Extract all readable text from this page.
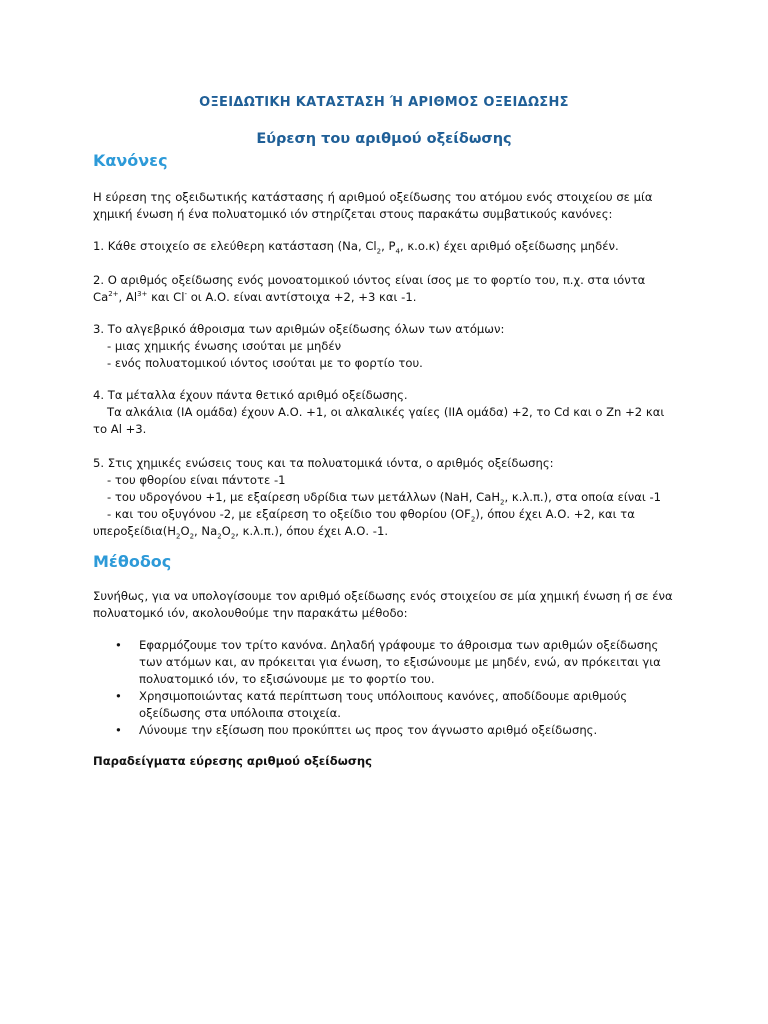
ΟΞΕΙΔΩΤΙΚΗ ΚΑΤΑΣΤΑΣΗ Ή ΑΡΙΘΜΟΣ ΟΞΕΙΔΩΣΗΣ
Εύρεση του αριθμού οξείδωσης
Κανόνες

Η εύρεση της οξειδωτικής κατάστασης ή αριθμού οξείδωσης του ατόμου ενός στοιχείου σε μία χημική ένωση ή ένα πολυατομικό ιόν στηρίζεται στους παρακάτω συμβατικούς κανόνες:

1. Κάθε στοιχείο σε ελεύθερη κατάσταση (Na, $Cl_2$, $P_4$, κ.ο.κ) έχει αριθμό οξείδωσης μηδέν.

2. Ο αριθμός οξείδωσης ενός μονοατομικού ιόντος είναι ίσος με το φορτίο του, π.χ. στα ιόντα $Ca^{2+}$, $Al^{3+}$ και Cl- οι Α.Ο. είναι αντίστοιχα +2, +3 και -1.

3. Το αλγεβρικό άθροισμα των αριθμών οξείδωσης όλων των ατόμων:
- μιας χημικής ένωσης ισούται με μηδέν
- ενός πολυατομικού ιόντος ισούται με το φορτίο του.
4. Τα μέταλλα έχουν πάντα θετικό αριθμό οξείδωσης.
Τα αλκάλια (ΙΑ ομάδα) έχουν Α.Ο. +1, οι αλκαλικές γαίες (ΙΙΑ ομάδα) +2, το Cd και ο Zn +2 και το Al +3.
5. Στις χημικές ενώσεις τους και τα πολυατομικά ιόντα, ο αριθμός οξείδωσης:
- του φθορίου είναι πάντοτε -1
- του υδρογόνου +1, με εξαίρεση υδρίδια των μετάλλων (NaH, CaH$_2$, κ.λ.π.), στα οποία είναι -1
- και του οξυγόνου -2, με εξαίρεση το οξείδιο του φθορίου $(OF_2)$, όπου έχει Α.Ο. +2, και τα
$\upsilon\pi\varepsilon\rho o\xi\varepsilon ί\delta\iota\alpha(H_2O_2$, $Na_2O_2$, κ.λ.π.), όπου έχει Α.Ο. -1.
Μέθοδος

Συνήθως, για να υπολογίσουμε τον αριθμό οξείδωσης ενός στοιχείου σε μία χημική ένωση ή σε ένα πολυατομκό ιόν, ακολουθούμε την παρακάτω μέθοδο:

• Εφαρμόζουμε τον τρίτο κανόνα. Δηλαδή γράφουμε το άθροισμα των αριθμών οξείδωσης των ατόμων και, αν πρόκειται για ένωση, το εξισώνουμε με μηδέν, ενώ, αν πρόκειται για πολυατομικό ιόν, το εξισώνουμε με το φορτίο του.
• Χρησιμοποιώντας κατά περίπτωση τους υπόλοιπους κανόνες, αποδίδουμε αριθμούς οξείδωσης στα υπόλοιπα στοιχεία.
• Λύνουμε την εξίσωση που προκύπτει ως προς τον άγνωστο αριθμό οξείδωσης.

Παραδείγματα εύρεσης αριθμού οξείδωσης
